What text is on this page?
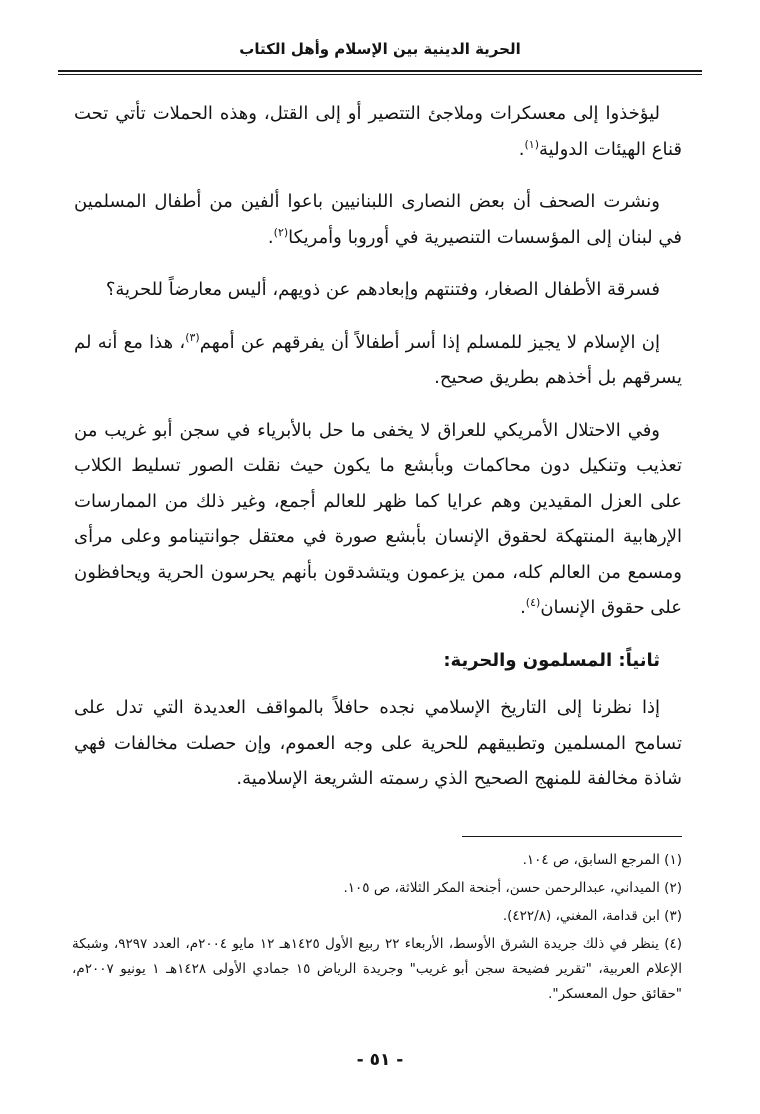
الحرية الدينية بين الإسلام وأهل الكتاب

ليؤخذوا إلى معسكرات وملاجئ التتصير أو إلى القتل، وهذه الحملات تأتي تحت قناع الهيئات الدولية$^{(١)}$.

ونشرت الصحف أن بعض النصارى اللبنانيين باعوا ألفين من أطفال المسلمين في لبنان إلى المؤسسات التنصيرية في أوروبا وأمريكا$^{(٢)}$.

فسرقة الأطفال الصغار، وفتنتهم وإبعادهم عن ذويهم، أليس معارضاً للحرية؟

إن الإسلام لا يجيز للمسلم إذا أسر أطفالاً أن يفرقهم عن أمهم$^{(٣)}$، هذا مع أنه لم يسرقهم بل أخذهم بطريق صحيح.

وفي الاحتلال الأمريكي للعراق لا يخفى ما حل بالأبرياء في سجن أبو غريب من تعذيب وتنكيل دون محاكمات وبأبشع ما يكون حيث نقلت الصور تسليط الكلاب على العزل المقيدين وهم عرايا كما ظهر للعالم أجمع، وغير ذلك من الممارسات الإرهابية المنتهكة لحقوق الإنسان بأبشع صورة في معتقل جوانتينامو وعلى مرأى ومسمع من العالم كله، ممن يزعمون ويتشدقون بأنهم يحرسون الحرية ويحافظون على حقوق الإنسان$^{(٤)}$.

ثانياً: المسلمون والحرية:

إذا نظرنا إلى التاريخ الإسلامي نجده حافلاً بالمواقف العديدة التي تدل على تسامح المسلمين وتطبيقهم للحرية على وجه العموم، وإن حصلت مخالفات فهي شاذة مخالفة للمنهج الصحيح الذي رسمته الشريعة الإسلامية.

(١) المرجع السابق، ص ١٠٤.
(٢) الميداني، عبدالرحمن حسن، أجنحة المكر الثلاثة، ص ١٠٥.
(٣) ابن قدامة، المغني، (٤٢٢/٨).
(٤) ينظر في ذلك جريدة الشرق الأوسط، الأربعاء ٢٢ ربيع الأول ١٤٢٥هـ ١٢ مايو ٢٠٠٤م، العدد ٩٢٩٧، وشبكة الإعلام العربية، "تقرير فضيحة سجن أبو غريب" وجريدة الرياض ١٥ جمادي الأولى ١٤٢٨هـ ١ يونيو ٢٠٠٧م، "حقائق حول المعسكر".
- ٥١ -
